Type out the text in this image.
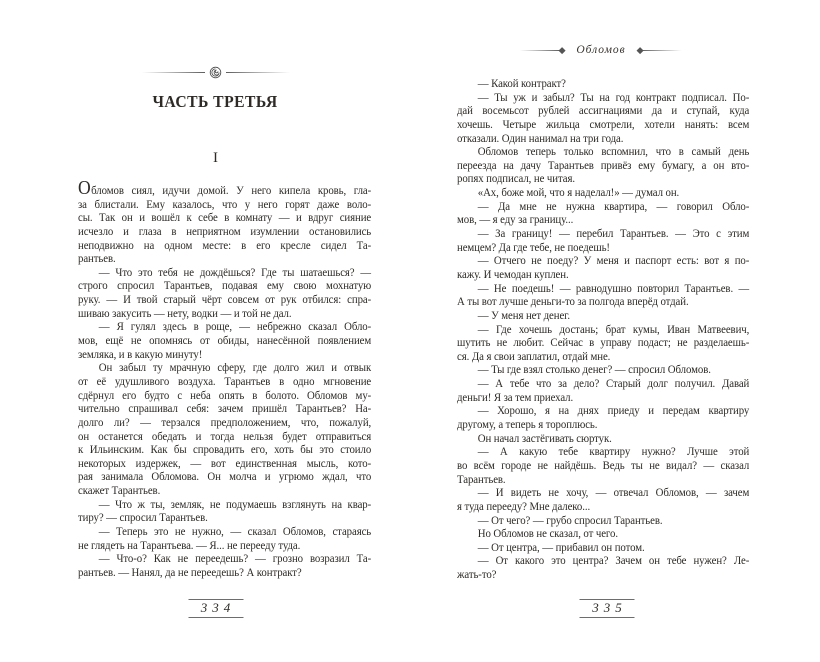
ЧАСТЬ ТРЕТЬЯ
I
Обломов сиял, идучи домой. У него кипела кровь, гла-
за блистали. Ему казалось, что у него горят даже воло-
сы. Так он и вошёл к себе в комнату — и вдруг сияние
исчезло и глаза в неприятном изумлении остановились
неподвижно на одном месте: в его кресле сидел Та-
рантьев.
— Что это тебя не дождёшься? Где ты шатаешься? —
строго спросил Тарантьев, подавая ему свою мохнатую
руку. — И твой старый чёрт совсем от рук отбился: спра-
шиваю закусить — нету, водки — и той не дал.
— Я гулял здесь в роще, — небрежно сказал Обло-
мов, ещё не опомнясь от обиды, нанесённой появлением
земляка, и в какую минуту!
Он забыл ту мрачную сферу, где долго жил и отвык
от её удушливого воздуха. Тарантьев в одно мгновение
сдёрнул его будто с неба опять в болото. Обломов му-
чительно спрашивал себя: зачем пришёл Тарантьев? На-
долго ли? — терзался предположением, что, пожалуй,
он останется обедать и тогда нельзя будет отправиться
к Ильинским. Как бы спровадить его, хоть бы это стоило
некоторых издержек, — вот единственная мысль, кото-
рая занимала Обломова. Он молча и угрюмо ждал, что
скажет Тарантьев.
— Что ж ты, земляк, не подумаешь взглянуть на квар-
тиру? — спросил Тарантьев.
— Теперь это не нужно, — сказал Обломов, стараясь
не глядеть на Тарантьева. — Я... не перееду туда.
— Что-о? Как не переедешь? — грозно возразил Та-
рантьев. — Нанял, да не переедешь? А контракт?
334
Обломов
— Какой контракт?
— Ты уж и забыл? Ты на год контракт подписал. По-
дай восемьсот рублей ассигнациями да и ступай, куда
хочешь. Четыре жильца смотрели, хотели нанять: всем
отказали. Один нанимал на три года.
Обломов теперь только вспомнил, что в самый день
переезда на дачу Тарантьев привёз ему бумагу, а он вто-
ропях подписал, не читая.
«Ах, боже мой, что я наделал!» — думал он.
— Да мне не нужна квартира, — говорил Обло-
мов, — я еду за границу...
— За границу! — перебил Тарантьев. — Это с этим
немцем? Да где тебе, не поедешь!
— Отчего не поеду? У меня и паспорт есть: вот я по-
кажу. И чемодан куплен.
— Не поедешь! — равнодушно повторил Тарантьев. —
А ты вот лучше деньги-то за полгода вперёд отдай.
— У меня нет денег.
— Где хочешь достань; брат кумы, Иван Матвеевич,
шутить не любит. Сейчас в управу подаст; не разделаешь-
ся. Да я свои заплатил, отдай мне.
— Ты где взял столько денег? — спросил Обломов.
— А тебе что за дело? Старый долг получил. Давай
деньги! Я за тем приехал.
— Хорошо, я на днях приеду и передам квартиру
другому, а теперь я тороплюсь.
Он начал застёгивать сюртук.
— А какую тебе квартиру нужно? Лучше этой
во всём городе не найдёшь. Ведь ты не видал? — сказал
Тарантьев.
— И видеть не хочу, — отвечал Обломов, — зачем
я туда перееду? Мне далеко...
— От чего? — грубо спросил Тарантьев.
Но Обломов не сказал, от чего.
— От центра, — прибавил он потом.
— От какого это центра? Зачем он тебе нужен? Ле-
жать-то?
335
